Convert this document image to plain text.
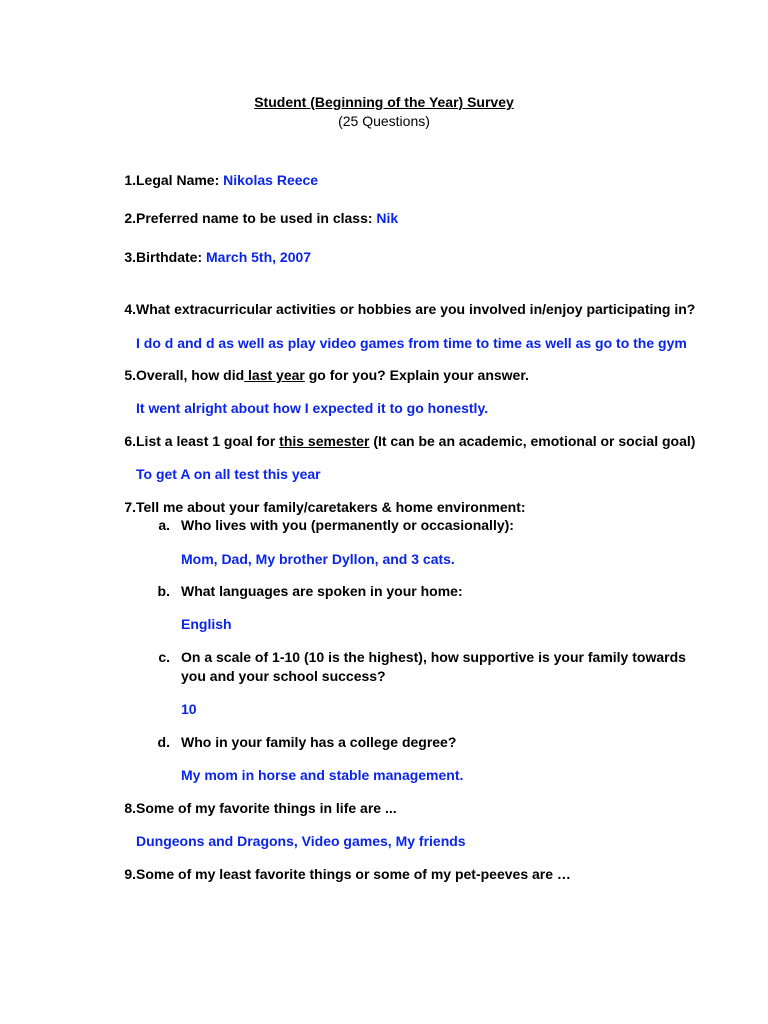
Student (Beginning of the Year) Survey
(25 Questions)
1. Legal Name: Nikolas Reece
2. Preferred name to be used in class: Nik
3. Birthdate: March 5th, 2007
4. What extracurricular activities or hobbies are you involved in/enjoy participating in?
I do d and d as well as play video games from time to time as well as go to the gym
5. Overall, how did last year go for you? Explain your answer.
It went alright about how I expected it to go honestly.
6. List a least 1 goal for this semester (It can be an academic, emotional or social goal)
To get A on all test this year
7. Tell me about your family/caretakers & home environment:
a. Who lives with you (permanently or occasionally):
Mom, Dad, My brother Dyllon, and 3 cats.
b. What languages are spoken in your home:
English
c. On a scale of 1-10 (10 is the highest), how supportive is your family towards
you and your school success?
10
d. Who in your family has a college degree?
My mom in horse and stable management.
8. Some of my favorite things in life are ...
Dungeons and Dragons, Video games, My friends
9. Some of my least favorite things or some of my pet-peeves are …
